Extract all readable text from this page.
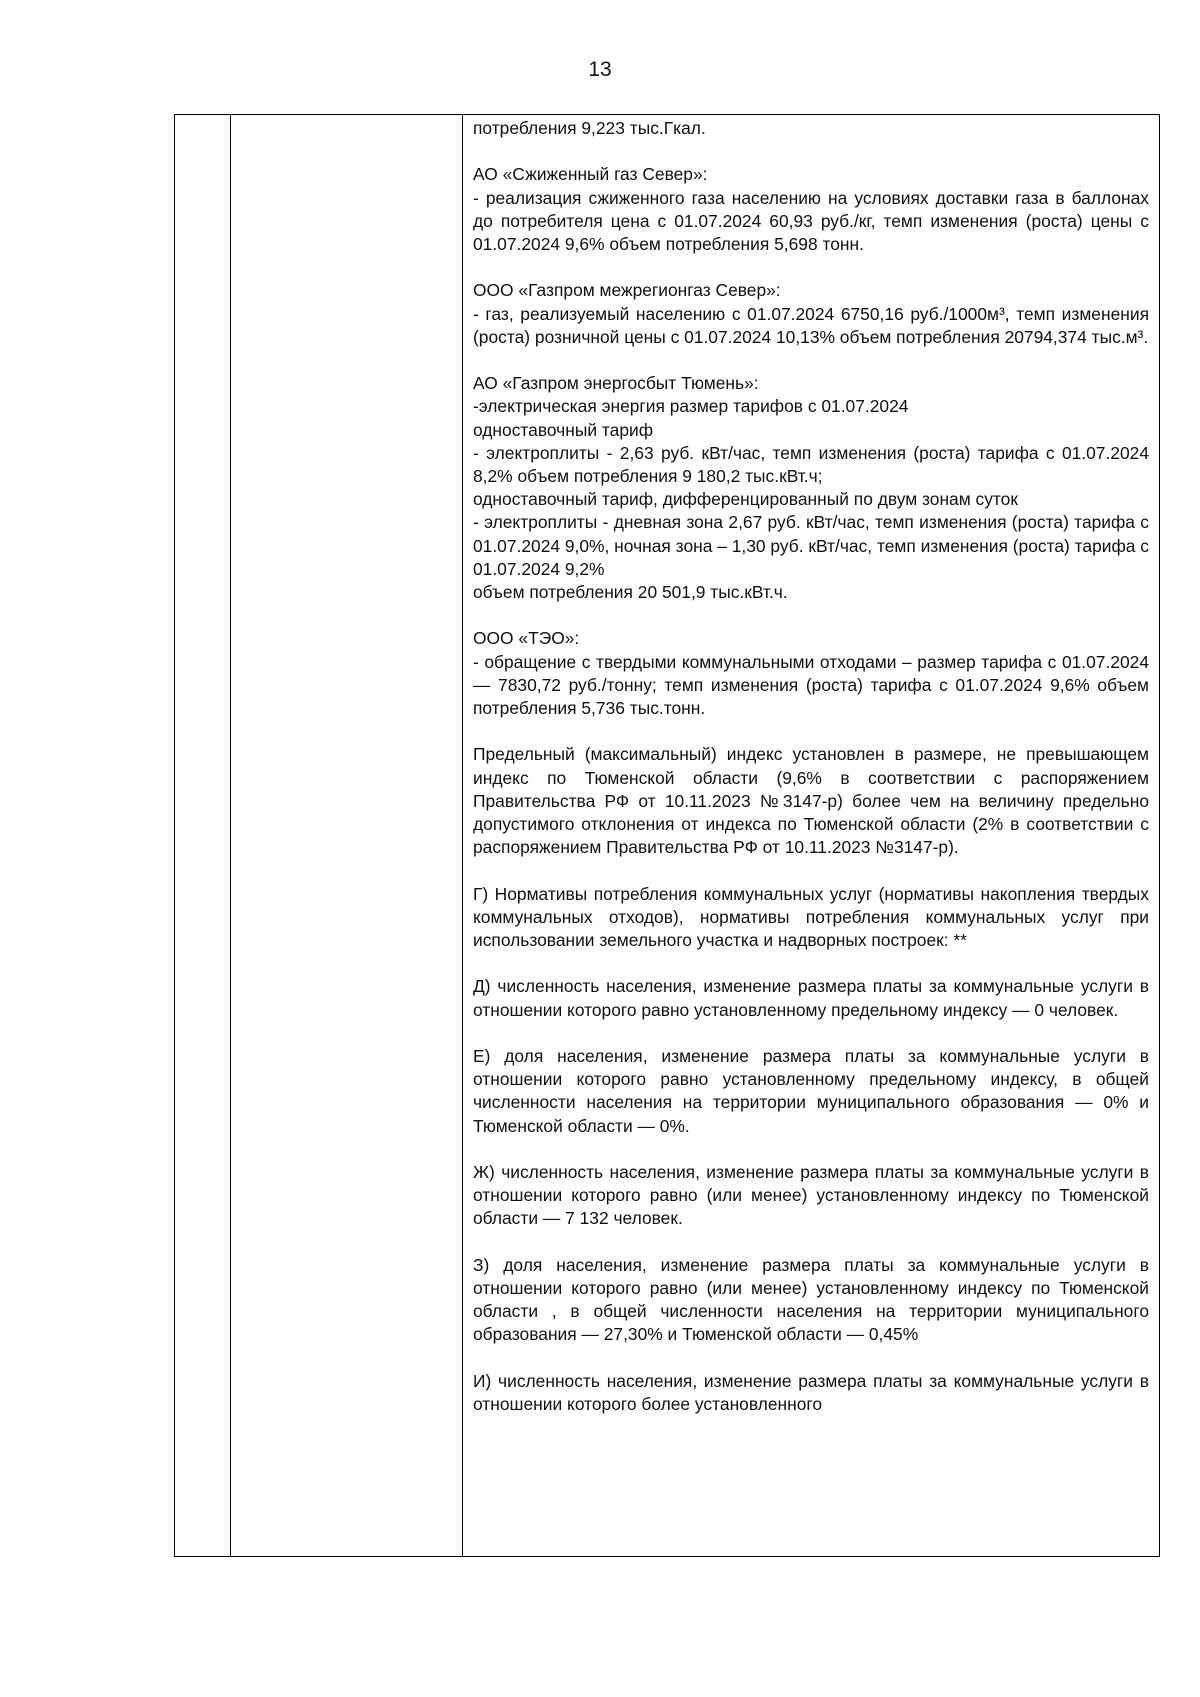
13

потребления 9,223 тыс.Гкал.
АО «Сжиженный газ Север»:
- реализация сжиженного газа населению на условиях доставки газа в баллонах до потребителя цена с 01.07.2024 60,93 руб./кг, темп изменения (роста) цены с 01.07.2024 9,6% объем потребления 5,698 тонн.
ООО «Газпром межрегионгаз Север»:
- газ, реализуемый населению с 01.07.2024 6750,16 руб./1000м³, темп изменения (роста) розничной цены с 01.07.2024 10,13% объем потребления 20794,374 тыс.м³.
АО «Газпром энергосбыт Тюмень»:
-электрическая энергия размер тарифов с 01.07.2024
одноставочный тариф
- электроплиты - 2,63 руб. кВт/час, темп изменения (роста) тарифа с 01.07.2024 8,2% объем потребления 9 180,2 тыс.кВт.ч;
одноставочный тариф, дифференцированный по двум зонам суток
- электроплиты - дневная зона 2,67 руб. кВт/час, темп изменения (роста) тарифа с 01.07.2024 9,0%, ночная зона – 1,30 руб. кВт/час, темп изменения (роста) тарифа с 01.07.2024 9,2%
объем потребления 20 501,9 тыс.кВт.ч.
ООО «ТЭО»:
- обращение с твердыми коммунальными отходами – размер тарифа с 01.07.2024 — 7830,72 руб./тонну; темп изменения (роста) тарифа с 01.07.2024 9,6% объем потребления 5,736 тыс.тонн.
Предельный (максимальный) индекс установлен в размере, не превышающем индекс по Тюменской области (9,6% в соответствии с распоряжением Правительства РФ от 10.11.2023 №3147-р) более чем на величину предельно допустимого отклонения от индекса по Тюменской области (2% в соответствии с распоряжением Правительства РФ от 10.11.2023 №3147-р).
Г) Нормативы потребления коммунальных услуг (нормативы накопления твердых коммунальных отходов), нормативы потребления коммунальных услуг при использовании земельного участка и надворных построек: **
Д) численность населения, изменение размера платы за коммунальные услуги в отношении которого равно установленному предельному индексу — 0 человек.
Е) доля населения, изменение размера платы за коммунальные услуги в отношении которого равно установленному предельному индексу, в общей численности населения на территории муниципального образования — 0% и Тюменской области — 0%.
Ж) численность населения, изменение размера платы за коммунальные услуги в отношении которого равно (или менее) установленному индексу по Тюменской области — 7 132 человек.
З) доля населения, изменение размера платы за коммунальные услуги в отношении которого равно (или менее) установленному индексу по Тюменской области , в общей численности населения на территории муниципального образования — 27,30% и Тюменской области — 0,45%
И) численность населения, изменение размера платы за коммунальные услуги в отношении которого более установленного
